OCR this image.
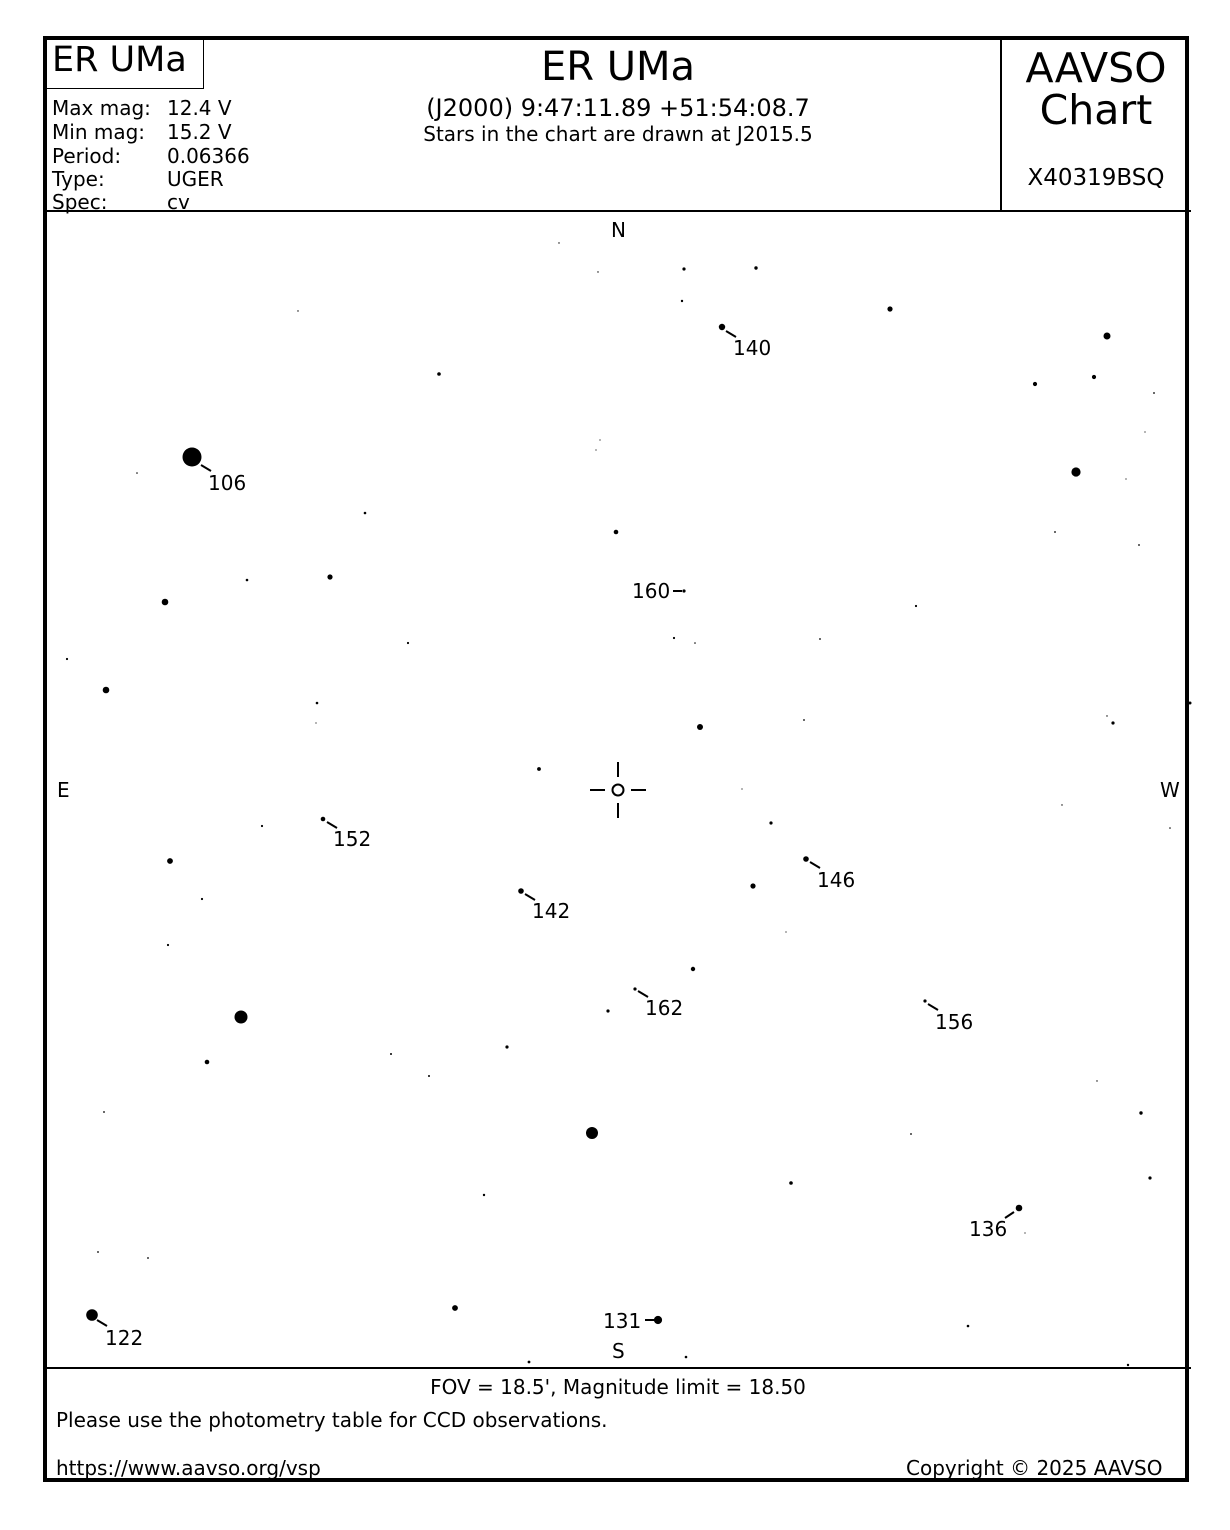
ER UMa
Max mag: 12.4 V
Min mag: 15.2 V
Period: 0.06366
Type:	UGER
Spec:	cv
ER UMa
(J2000) 9:47:11.89 +51:54:08.7
Stars in the chart are drawn at J2015.5
AAVSO
Chart
X40319BSQ
N
S
E	W
140
106
160
152
142
146
162
156
136
122
131
FOV = 18.5', Magnitude limit = 18.50
Please use the photometry table for CCD observations.
https://www.aavso.org/vsp	Copyright © 2025 AAVSO
